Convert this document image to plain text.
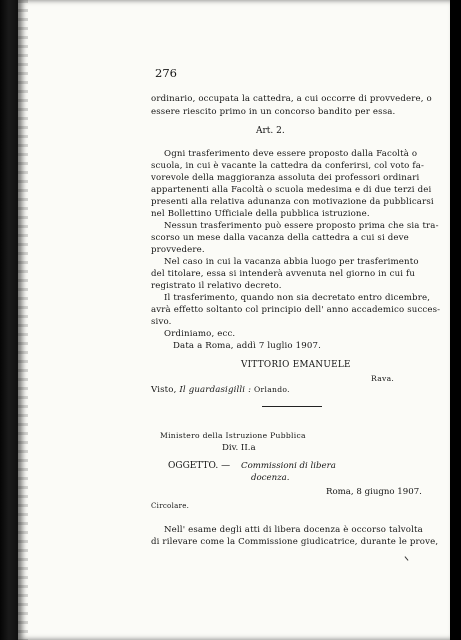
276

ordinario, occupata la cattedra, a cui occorre di provvedere, o

essere riescito primo in un concorso bandito per essa.

Art. 2.

Ogni trasferimento deve essere proposto dalla Facoltà o

scuola, in cui è vacante la cattedra da conferirsi, col voto fa-

vorevole della maggioranza assoluta dei professori ordinari

appartenenti alla Facoltà o scuola medesima e di due terzi dei

presenti alla relativa adunanza con motivazione da pubblicarsi

nel Bollettino Ufficiale della pubblica istruzione.

Nessun trasferimento può essere proposto prima che sia tra-

scorso un mese dalla vacanza della cattedra a cui si deve

provvedere.

Nel caso in cui la vacanza abbia luogo per trasferimento

del titolare, essa si intenderà avvenuta nel giorno in cui fu

registrato il relativo decreto.

Il trasferimento, quando non sia decretato entro dicembre,

avrà effetto soltanto col principio dell' anno accademico succes-

sivo.

Ordiniamo, ecc.

Data a Roma, addì 7 luglio 1907.

VITTORIO EMANUELE

Rava.

Visto, Il guardasigilli : Orlando.

Ministero della Istruzione Pubblica

Div. II.a

OGGETTO. — Commissioni di libera

docenza.

Roma, 8 giugno 1907.

Circolare.

Nell' esame degli atti di libera docenza è occorso talvolta

di rilevare come la Commissione giudicatrice, durante le prove,
